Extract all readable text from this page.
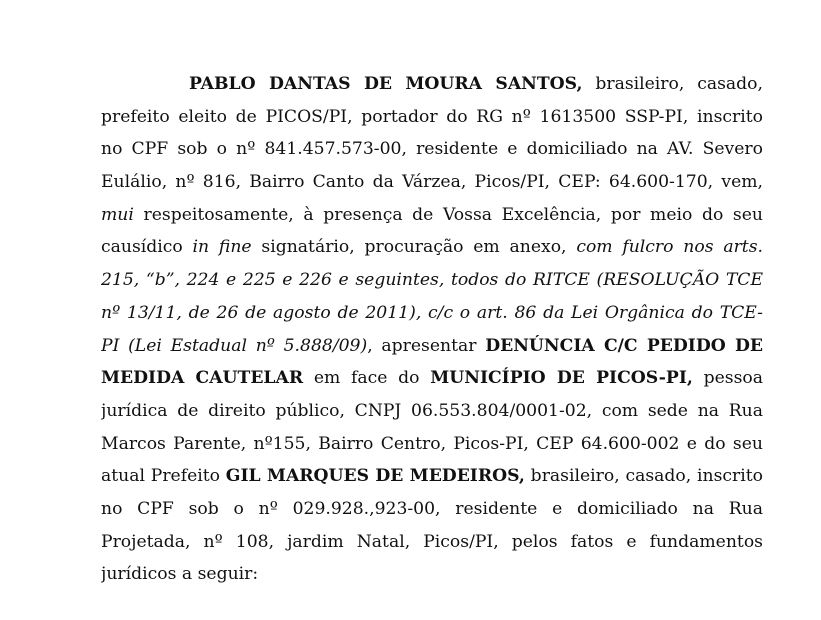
PABLO DANTAS DE MOURA SANTOS, brasileiro, casado,
prefeito eleito de PICOS/PI, portador do RG nº 1613500 SSP-PI, inscrito
no CPF sob o nº 841.457.573-00, residente e domiciliado na AV. Severo
Eulálio, nº 816, Bairro Canto da Várzea, Picos/PI, CEP: 64.600-170, vem,
mui respeitosamente, à presença de Vossa Excelência, por meio do seu
causídico in fine signatário, procuração em anexo, com fulcro nos arts.
215, “b”, 224 e 225 e 226 e seguintes, todos do RITCE (RESOLUÇÃO TCE
nº 13/11, de 26 de agosto de 2011), c/c o art. 86 da Lei Orgânica do TCE-
PI (Lei Estadual nº 5.888/09), apresentar DENÚNCIA C/C PEDIDO DE
MEDIDA CAUTELAR em face do MUNICÍPIO DE PICOS-PI, pessoa
jurídica de direito público, CNPJ 06.553.804/0001-02, com sede na Rua
Marcos Parente, nº155, Bairro Centro, Picos-PI, CEP 64.600-002 e do seu
atual Prefeito GIL MARQUES DE MEDEIROS, brasileiro, casado, inscrito
no CPF sob o nº 029.928.,923-00, residente e domiciliado na Rua
Projetada, nº 108, jardim Natal, Picos/PI, pelos fatos e fundamentos
jurídicos a seguir:
